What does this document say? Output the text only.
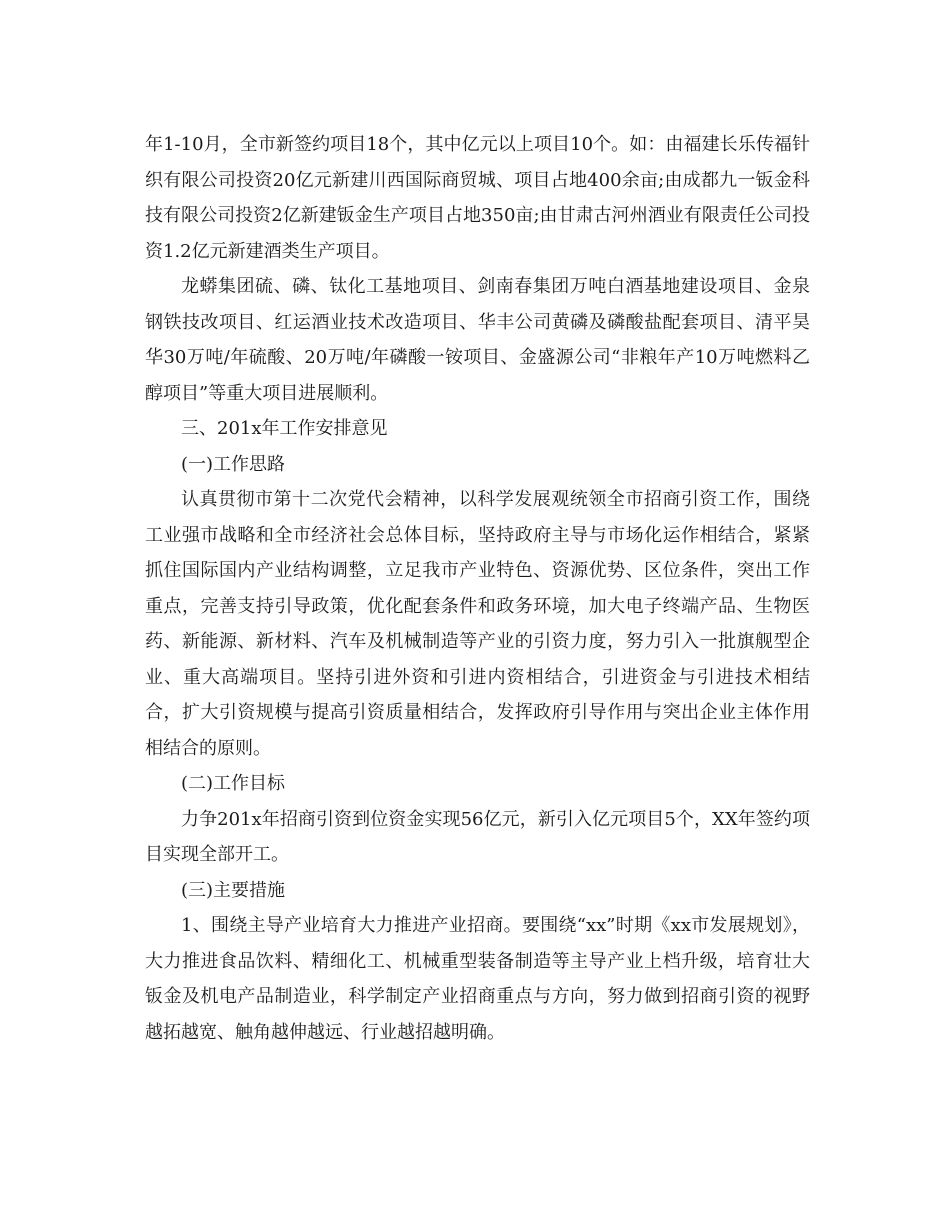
年1-10月，全市新签约项目18个，其中亿元以上项目10个。如：由福建长乐传福针织有限公司投资20亿元新建川西国际商贸城、项目占地400余亩;由成都九一钣金科技有限公司投资2亿新建钣金生产项目占地350亩;由甘肃古河州酒业有限责任公司投资1.2亿元新建酒类生产项目。

龙蟒集团硫、磷、钛化工基地项目、剑南春集团万吨白酒基地建设项目、金泉钢铁技改项目、红运酒业技术改造项目、华丰公司黄磷及磷酸盐配套项目、清平昊华30万吨/年硫酸、20万吨/年磷酸一铵项目、金盛源公司“非粮年产10万吨燃料乙醇项目”等重大项目进展顺利。

三、201x年工作安排意见

(一)工作思路

认真贯彻市第十二次党代会精神，以科学发展观统领全市招商引资工作，围绕工业强市战略和全市经济社会总体目标，坚持政府主导与市场化运作相结合，紧紧抓住国际国内产业结构调整，立足我市产业特色、资源优势、区位条件，突出工作重点，完善支持引导政策，优化配套条件和政务环境，加大电子终端产品、生物医药、新能源、新材料、汽车及机械制造等产业的引资力度，努力引入一批旗舰型企业、重大高端项目。坚持引进外资和引进内资相结合，引进资金与引进技术相结合，扩大引资规模与提高引资质量相结合，发挥政府引导作用与突出企业主体作用相结合的原则。

(二)工作目标

力争201x年招商引资到位资金实现56亿元，新引入亿元项目5个，XX年签约项目实现全部开工。

(三)主要措施

1、围绕主导产业培育大力推进产业招商。要围绕“xx”时期《xx市发展规划》，大力推进食品饮料、精细化工、机械重型装备制造等主导产业上档升级，培育壮大钣金及机电产品制造业，科学制定产业招商重点与方向，努力做到招商引资的视野越拓越宽、触角越伸越远、行业越招越明确。
